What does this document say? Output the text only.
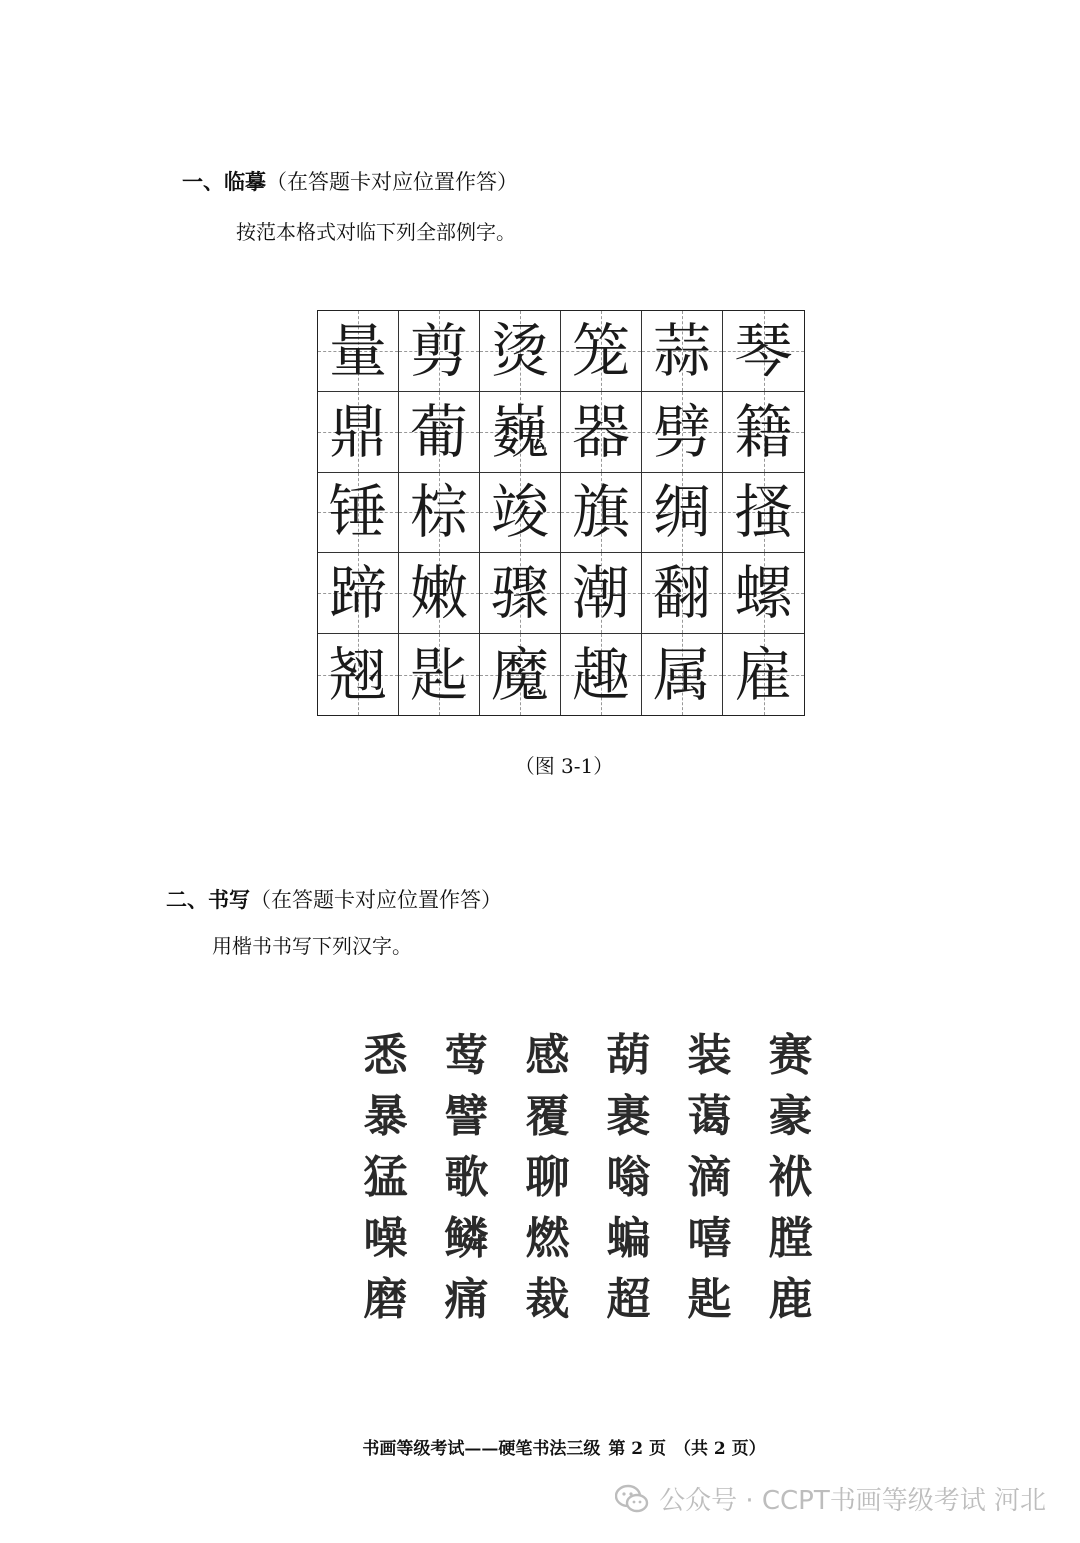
一、临摹（在答题卡对应位置作答）
按范本格式对临下列全部例字。
量 剪 烫 笼 蒜 琴
鼎 葡 巍 器 劈 籍
锤 棕 竣 旗 绸 搔
蹄 嫩 骤 潮 翻 螺
翘 匙 魔 趣 属 雇
（图 3-1）
二、书写（在答题卡对应位置作答）
用楷书书写下列汉字。
悉 莺 感 葫 装 赛
暴 譬 覆 裹 蔼 豪
猛 歌 聊 嗡 滴 袱
噪 鳞 燃 蝙 嘻 膛
磨 痛 裁 超 匙 鹿
书画等级考试——硬笔书法三级 第 2 页 （共 2 页）
公众号 · CCPT书画等级考试 河北
